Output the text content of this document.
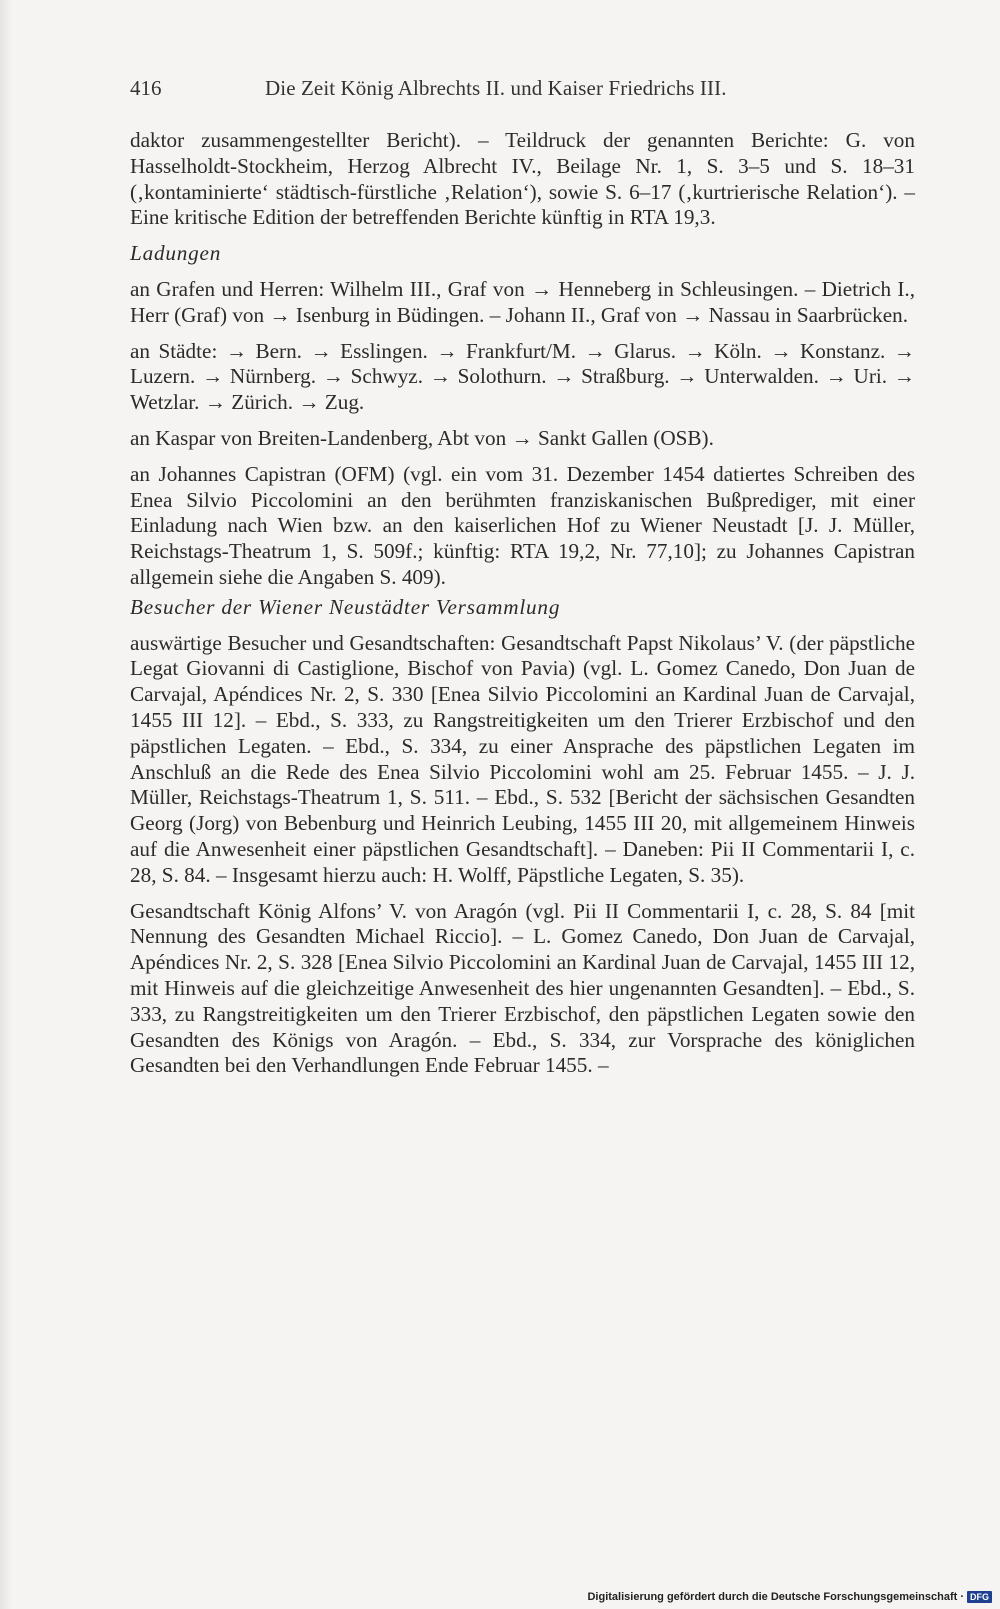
416	Die Zeit König Albrechts II. und Kaiser Friedrichs III.

daktor zusammengestellter Bericht). – Teildruck der genannten Berichte: G. von Hasselholdt-Stockheim, Herzog Albrecht IV., Beilage Nr. 1, S. 3–5 und S. 18–31 (‚kontaminierte‘ städtisch-fürstliche ‚Relation‘), sowie S. 6–17 (‚kurtrierische Relation‘). – Eine kritische Edition der betreffenden Berichte künftig in RTA 19,3.

Ladungen

an Grafen und Herren: Wilhelm III., Graf von → Henneberg in Schleusingen. – Dietrich I., Herr (Graf) von → Isenburg in Büdingen. – Johann II., Graf von → Nassau in Saarbrücken.

an Städte: → Bern. → Esslingen. → Frankfurt/M. → Glarus. → Köln. → Konstanz. → Luzern. → Nürnberg. → Schwyz. → Solothurn. → Straßburg. → Unterwalden. → Uri. → Wetzlar. → Zürich. → Zug.

an Kaspar von Breiten-Landenberg, Abt von → Sankt Gallen (OSB).

an Johannes Capistran (OFM) (vgl. ein vom 31. Dezember 1454 datiertes Schreiben des Enea Silvio Piccolomini an den berühmten franziskanischen Bußprediger, mit einer Einladung nach Wien bzw. an den kaiserlichen Hof zu Wiener Neustadt [J. J. Müller, Reichstags-Theatrum 1, S. 509f.; künftig: RTA 19,2, Nr. 77,10]; zu Johannes Capistran allgemein siehe die Angaben S. 409).

Besucher der Wiener Neustädter Versammlung

auswärtige Besucher und Gesandtschaften: Gesandtschaft Papst Nikolaus’ V. (der päpstliche Legat Giovanni di Castiglione, Bischof von Pavia) (vgl. L. Gomez Canedo, Don Juan de Carvajal, Apéndices Nr. 2, S. 330 [Enea Silvio Piccolomini an Kardinal Juan de Carvajal, 1455 III 12]. – Ebd., S. 333, zu Rangstreitigkeiten um den Trierer Erzbischof und den päpstlichen Legaten. – Ebd., S. 334, zu einer Ansprache des päpstlichen Legaten im Anschluß an die Rede des Enea Silvio Piccolomini wohl am 25. Februar 1455. – J. J. Müller, Reichstags-Theatrum 1, S. 511. – Ebd., S. 532 [Bericht der sächsischen Gesandten Georg (Jorg) von Bebenburg und Heinrich Leubing, 1455 III 20, mit allgemeinem Hinweis auf die Anwesenheit einer päpstlichen Gesandtschaft]. – Daneben: Pii II Commentarii I, c. 28, S. 84. – Insgesamt hierzu auch: H. Wolff, Päpstliche Legaten, S. 35).

Gesandtschaft König Alfons’ V. von Aragón (vgl. Pii II Commentarii I, c. 28, S. 84 [mit Nennung des Gesandten Michael Riccio]. – L. Gomez Canedo, Don Juan de Carvajal, Apéndices Nr. 2, S. 328 [Enea Silvio Piccolomini an Kardinal Juan de Carvajal, 1455 III 12, mit Hinweis auf die gleichzeitige Anwesenheit des hier ungenannten Gesandten]. – Ebd., S. 333, zu Rangstreitigkeiten um den Trierer Erzbischof, den päpstlichen Legaten sowie den Gesandten des Königs von Aragón. – Ebd., S. 334, zur Vorsprache des königlichen Gesandten bei den Verhandlungen Ende Februar 1455. –

Digitalisierung gefördert durch die Deutsche Forschungsgemeinschaft · DFG
